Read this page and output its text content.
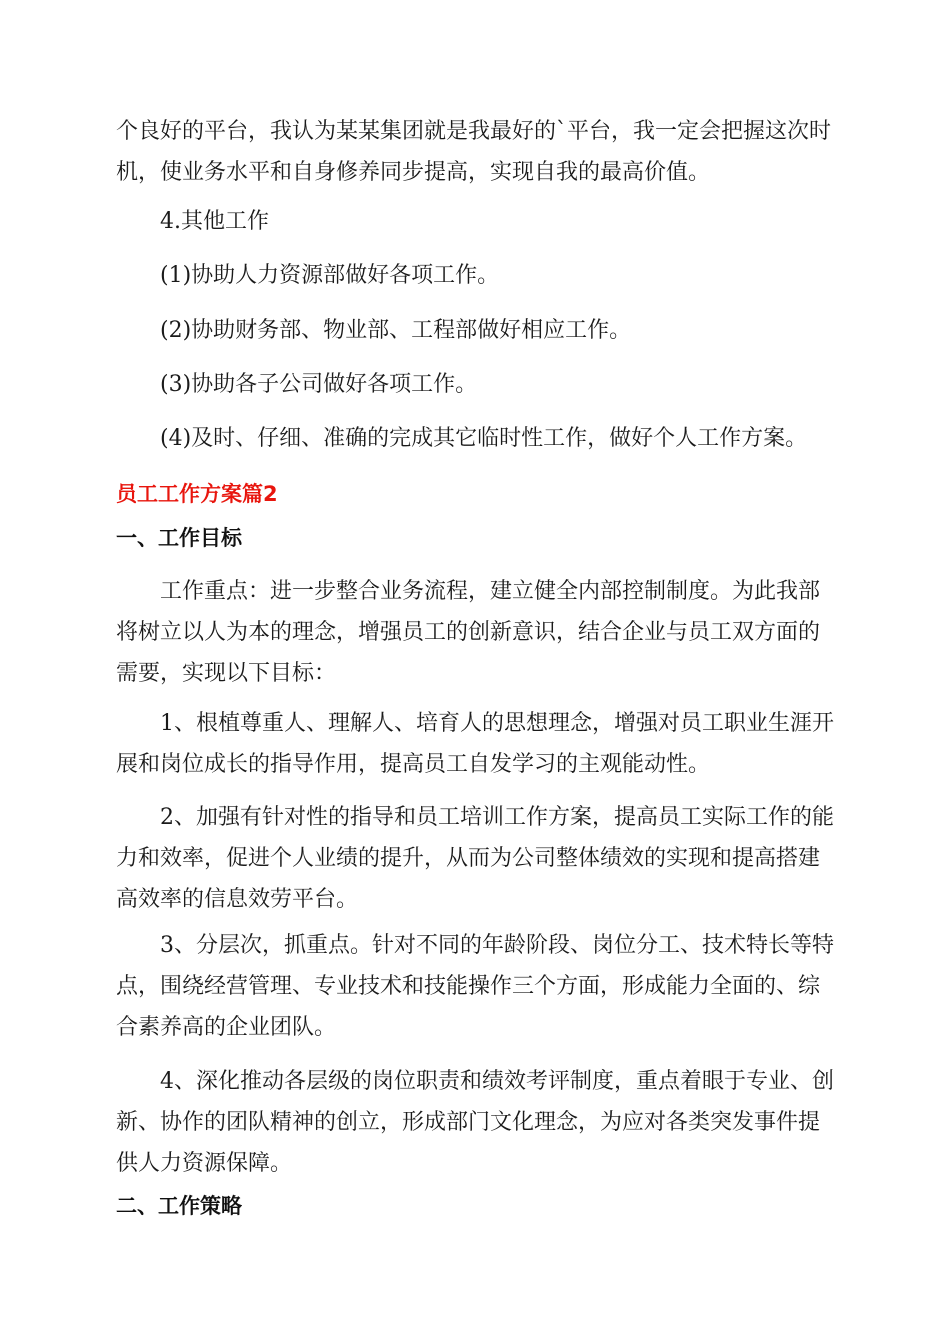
个良好的平台，我认为某某集团就是我最好的`平台，我一定会把握这次时机，使业务水平和自身修养同步提高，实现自我的最高价值。

4.其他工作

(1)协助人力资源部做好各项工作。

(2)协助财务部、物业部、工程部做好相应工作。

(3)协助各子公司做好各项工作。

(4)及时、仔细、准确的完成其它临时性工作，做好个人工作方案。

员工工作方案篇2
一、工作目标

工作重点：进一步整合业务流程，建立健全内部控制制度。为此我部将树立以人为本的理念，增强员工的创新意识，结合企业与员工双方面的需要，实现以下目标：

1、根植尊重人、理解人、培育人的思想理念，增强对员工职业生涯开展和岗位成长的指导作用，提高员工自发学习的主观能动性。

2、加强有针对性的指导和员工培训工作方案，提高员工实际工作的能力和效率，促进个人业绩的提升，从而为公司整体绩效的实现和提高搭建高效率的信息效劳平台。

3、分层次，抓重点。针对不同的年龄阶段、岗位分工、技术特长等特点，围绕经营管理、专业技术和技能操作三个方面，形成能力全面的、综合素养高的企业团队。

4、深化推动各层级的岗位职责和绩效考评制度，重点着眼于专业、创新、协作的团队精神的创立，形成部门文化理念，为应对各类突发事件提供人力资源保障。

二、工作策略
